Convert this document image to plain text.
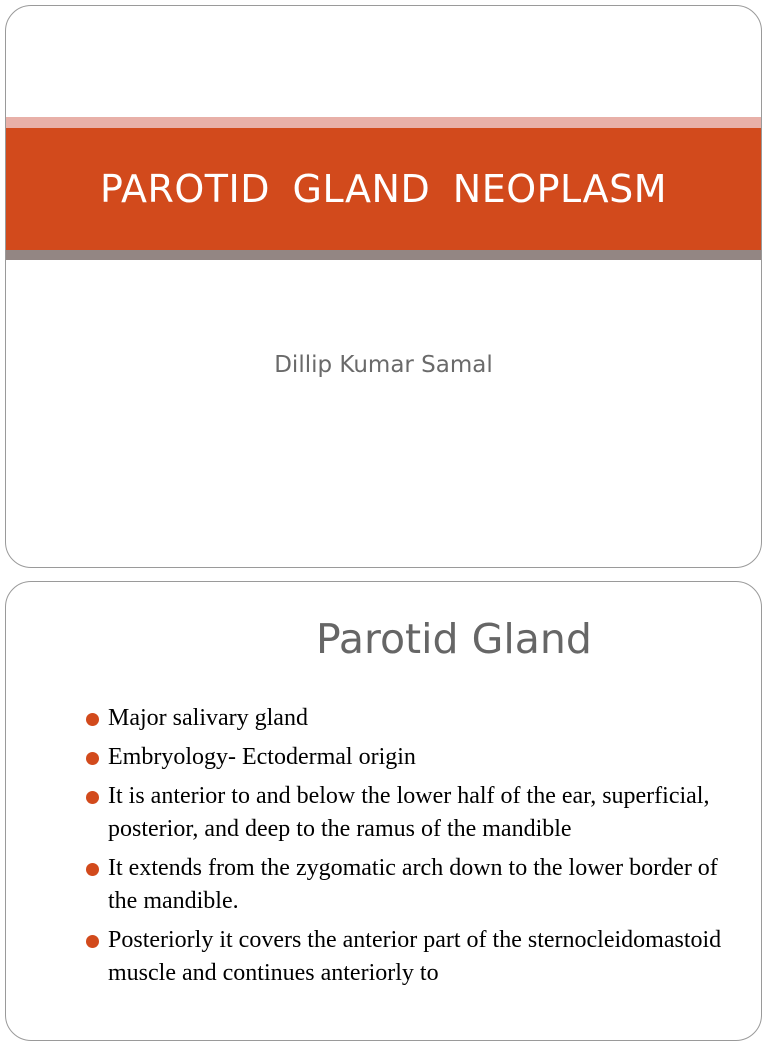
PAROTID GLAND NEOPLASM
Dillip Kumar Samal
Parotid Gland
Major salivary gland
Embryology- Ectodermal origin
It is anterior to and below the lower half of the ear, superficial, posterior, and deep to the ramus of the mandible
It extends from the zygomatic arch down to the lower border of the mandible.
Posteriorly it covers the anterior part of the sternocleidomastoid muscle and continues anteriorly to
